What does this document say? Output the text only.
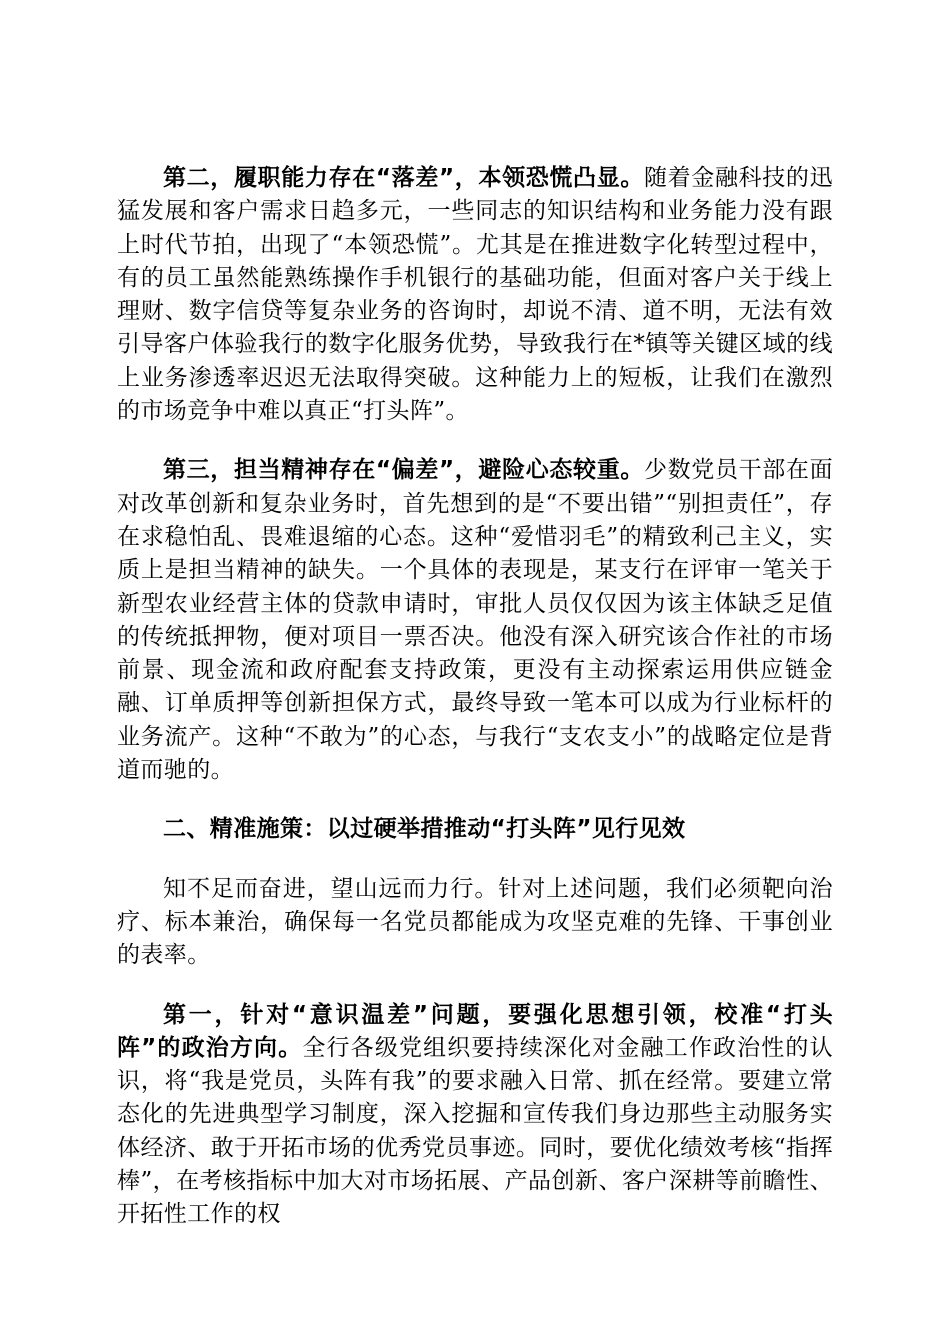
第二，履职能力存在“落差”，本领恐慌凸显。随着金融科技的迅猛发展和客户需求日趋多元，一些同志的知识结构和业务能力没有跟上时代节拍，出现了“本领恐慌”。尤其是在推进数字化转型过程中，有的员工虽然能熟练操作手机银行的基础功能，但面对客户关于线上理财、数字信贷等复杂业务的咨询时，却说不清、道不明，无法有效引导客户体验我行的数字化服务优势，导致我行在*镇等关键区域的线上业务渗透率迟迟无法取得突破。这种能力上的短板，让我们在激烈的市场竞争中难以真正“打头阵”。

第三，担当精神存在“偏差”，避险心态较重。少数党员干部在面对改革创新和复杂业务时，首先想到的是“不要出错”“别担责任”，存在求稳怕乱、畏难退缩的心态。这种“爱惜羽毛”的精致利己主义，实质上是担当精神的缺失。一个具体的表现是，某支行在评审一笔关于新型农业经营主体的贷款申请时，审批人员仅仅因为该主体缺乏足值的传统抵押物，便对项目一票否决。他没有深入研究该合作社的市场前景、现金流和政府配套支持政策，更没有主动探索运用供应链金融、订单质押等创新担保方式，最终导致一笔本可以成为行业标杆的业务流产。这种“不敢为”的心态，与我行“支农支小”的战略定位是背道而驰的。

二、精准施策：以过硬举措推动“打头阵”见行见效

知不足而奋进，望山远而力行。针对上述问题，我们必须靶向治疗、标本兼治，确保每一名党员都能成为攻坚克难的先锋、干事创业的表率。

第一，针对“意识温差”问题，要强化思想引领，校准“打头阵”的政治方向。全行各级党组织要持续深化对金融工作政治性的认识，将“我是党员，头阵有我”的要求融入日常、抓在经常。要建立常态化的先进典型学习制度，深入挖掘和宣传我们身边那些主动服务实体经济、敢于开拓市场的优秀党员事迹。同时，要优化绩效考核“指挥棒”，在考核指标中加大对市场拓展、产品创新、客户深耕等前瞻性、开拓性工作的权
